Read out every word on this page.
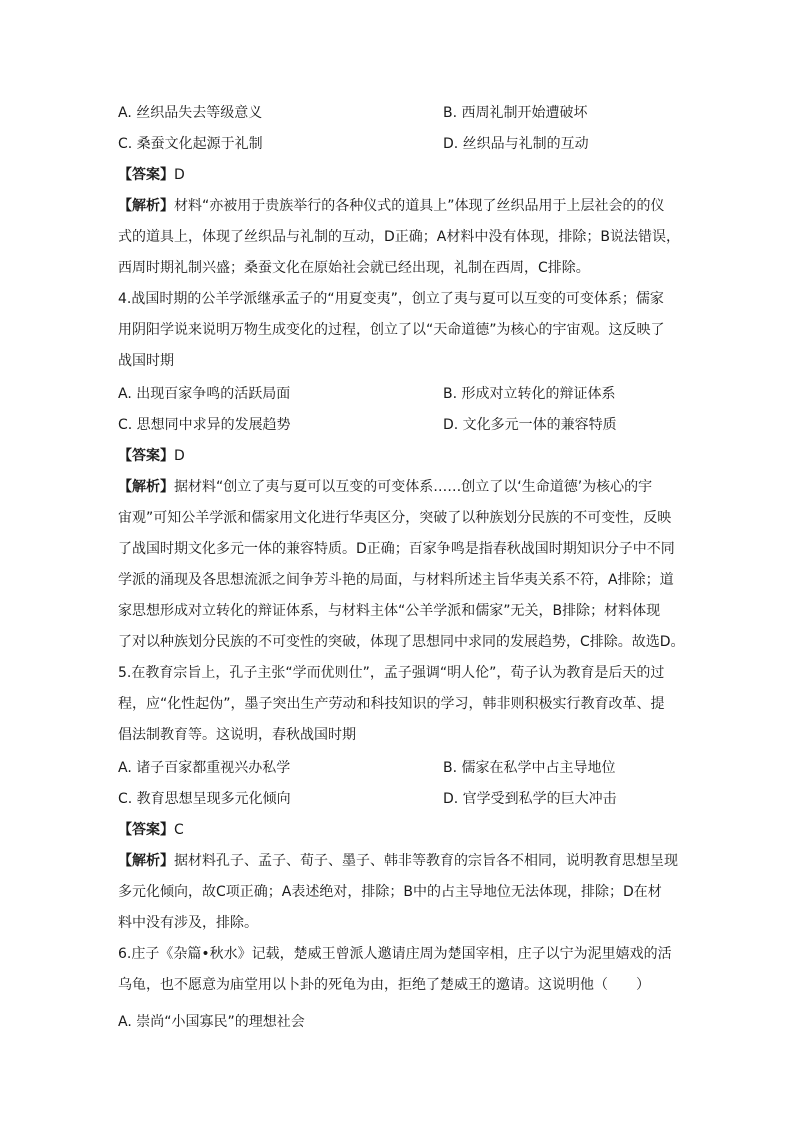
A. 丝织品失去等级意义	B. 西周礼制开始遭破坏
C. 桑蚕文化起源于礼制	D. 丝织品与礼制的互动
【答案】D
【解析】材料“亦被用于贵族举行的各种仪式的道具上”体现了丝织品用于上层社会的的仪
式的道具上，体现了丝织品与礼制的互动，D正确；A材料中没有体现，排除；B说法错误，
西周时期礼制兴盛；桑蚕文化在原始社会就已经出现，礼制在西周，C排除。
4.战国时期的公羊学派继承孟子的“用夏变夷”，创立了夷与夏可以互变的可变体系；儒家
用阴阳学说来说明万物生成变化的过程，创立了以“天命道德”为核心的宇宙观。这反映了
战国时期
A. 出现百家争鸣的活跃局面	B. 形成对立转化的辩证体系
C. 思想同中求异的发展趋势	D. 文化多元一体的兼容特质
【答案】D
【解析】据材料“创立了夷与夏可以互变的可变体系……创立了以‘生命道德’为核心的宇
宙观”可知公羊学派和儒家用文化进行华夷区分，突破了以种族划分民族的不可变性，反映
了战国时期文化多元一体的兼容特质。D正确；百家争鸣是指春秋战国时期知识分子中不同
学派的涌现及各思想流派之间争芳斗艳的局面，与材料所述主旨华夷关系不符，A排除；道
家思想形成对立转化的辩证体系，与材料主体“公羊学派和儒家”无关，B排除；材料体现
了对以种族划分民族的不可变性的突破，体现了思想同中求同的发展趋势，C排除。故选D。
5.在教育宗旨上，孔子主张“学而优则仕”，孟子强调“明人伦”，荀子认为教育是后天的过
程，应“化性起伪”，墨子突出生产劳动和科技知识的学习，韩非则积极实行教育改革、提
倡法制教育等。这说明，春秋战国时期
A. 诸子百家都重视兴办私学	B. 儒家在私学中占主导地位
C. 教育思想呈现多元化倾向	D. 官学受到私学的巨大冲击
【答案】C
【解析】据材料孔子、孟子、荀子、墨子、韩非等教育的宗旨各不相同，说明教育思想呈现
多元化倾向，故C项正确；A表述绝对，排除；B中的占主导地位无法体现，排除；D在材
料中没有涉及，排除。
6.庄子《杂篇•秋水》记载，楚威王曾派人邀请庄周为楚国宰相，庄子以宁为泥里嬉戏的活
乌龟，也不愿意为庙堂用以卜卦的死龟为由，拒绝了楚威王的邀请。这说明他（　　）
A. 崇尚“小国寡民”的理想社会
